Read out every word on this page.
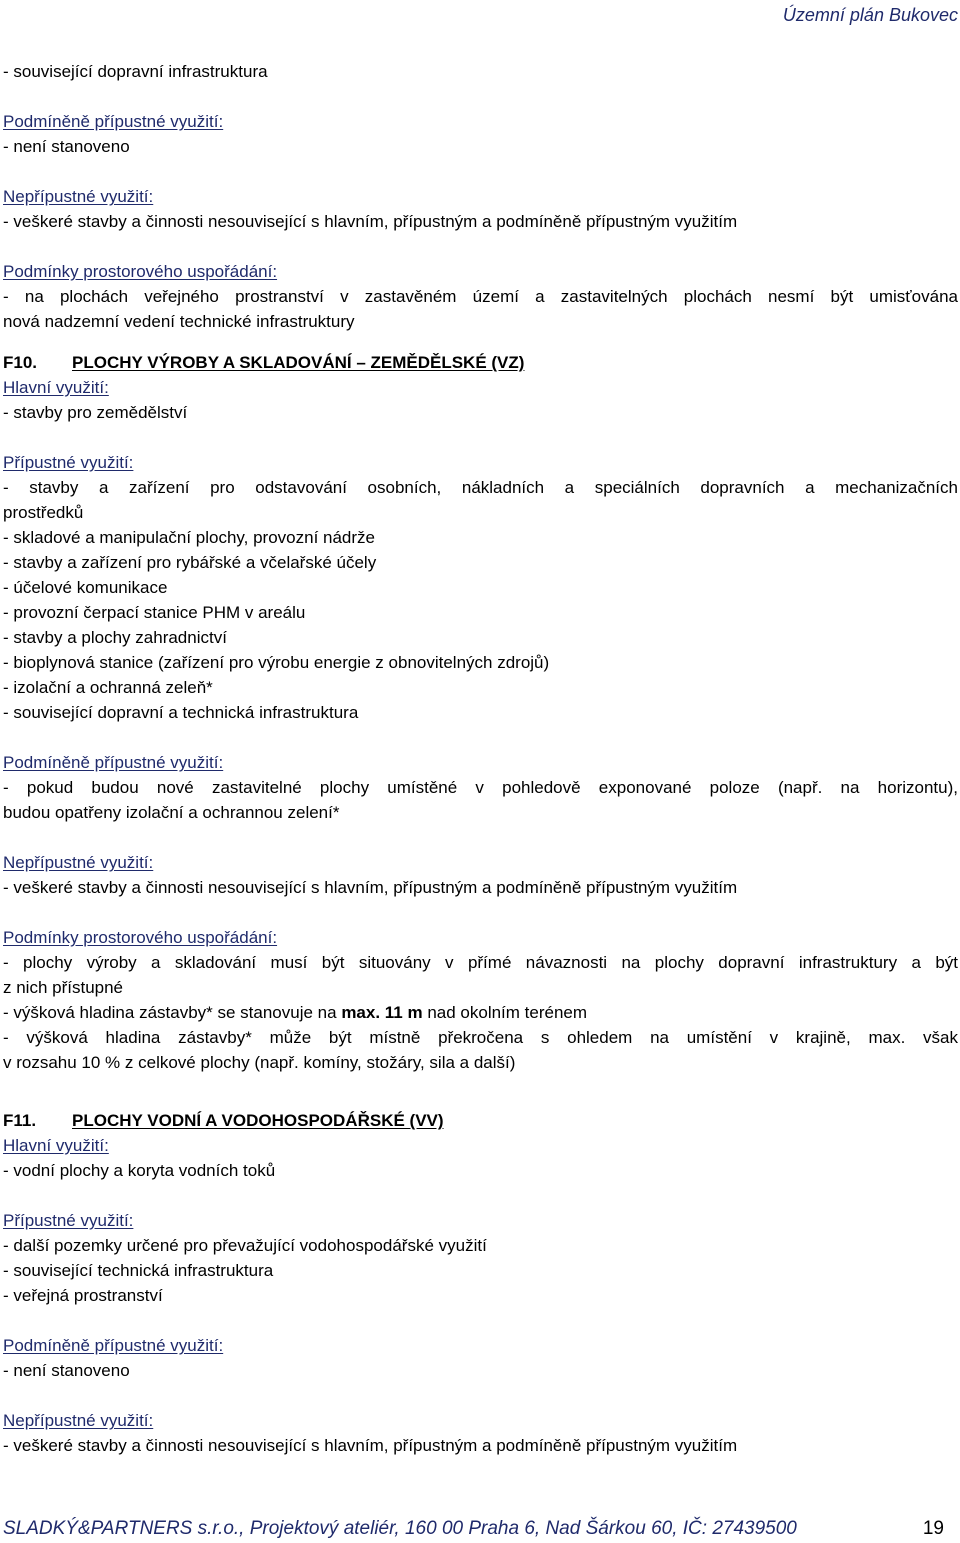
Územní plán Bukovec
- související dopravní infrastruktura
Podmíněně přípustné využití:
- není stanoveno
Nepřípustné využití:
- veškeré stavby a činnosti nesouvisející s hlavním, přípustným a podmíněně přípustným využitím
Podmínky prostorového uspořádání:
- na plochách veřejného prostranství v zastavěném území a zastavitelných plochách nesmí být umisťována
nová nadzemní vedení technické infrastruktury
F10.	PLOCHY VÝROBY A SKLADOVÁNÍ – ZEMĚDĚLSKÉ (VZ)
Hlavní využití:
- stavby pro zemědělství
Přípustné využití:
- stavby a zařízení pro odstavování osobních, nákladních a speciálních dopravních a mechanizačních
prostředků
- skladové a manipulační plochy, provozní nádrže
- stavby a zařízení pro rybářské a včelařské účely
- účelové komunikace
- provozní čerpací stanice PHM v areálu
- stavby a plochy zahradnictví
- bioplynová stanice (zařízení pro výrobu energie z obnovitelných zdrojů)
- izolační a ochranná zeleň*
- související dopravní a technická infrastruktura
Podmíněně přípustné využití:
- pokud budou nové zastavitelné plochy umístěné v pohledově exponované poloze (např. na horizontu),
budou opatřeny izolační a ochrannou zelení*
Nepřípustné využití:
- veškeré stavby a činnosti nesouvisející s hlavním, přípustným a podmíněně přípustným využitím
Podmínky prostorového uspořádání:
- plochy výroby a skladování musí být situovány v přímé návaznosti na plochy dopravní infrastruktury a být
z nich přístupné
- výšková hladina zástavby* se stanovuje na max. 11 m nad okolním terénem
- výšková hladina zástavby* může být místně překročena s ohledem na umístění v krajině, max. však
v rozsahu 10 % z celkové plochy (např. komíny, stožáry, sila a další)
F11.	PLOCHY VODNÍ A VODOHOSPODÁŘSKÉ (VV)
Hlavní využití:
- vodní plochy a koryta vodních toků
Přípustné využití:
- další pozemky určené pro převažující vodohospodářské využití
- související technická infrastruktura
- veřejná prostranství
Podmíněně přípustné využití:
- není stanoveno
Nepřípustné využití:
- veškeré stavby a činnosti nesouvisející s hlavním, přípustným a podmíněně přípustným využitím
SLADKÝ&PARTNERS s.r.o., Projektový ateliér, 160 00 Praha 6, Nad Šárkou 60, IČ: 27439500	19
